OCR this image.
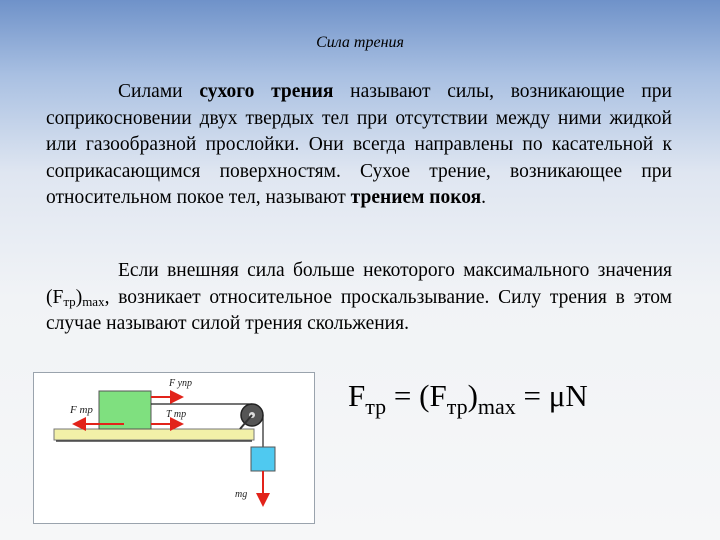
Сила трения

Силами сухого трения называют силы, возникающие при соприкосновении двух твердых тел при отсутствии между ними жидкой или газообразной прослойки. Они всегда направлены по касательной к соприкасающимся поверхностям. Сухое трение, возникающее при относительном покое тел, называют трением покоя.

Если внешняя сила больше некоторого максимального значения $(F_{тр})_{max}$, возникает относительное проскальзывание. Силу трения в этом случае называют силой трения скольжения.

F тр
F упр
T тр
mg
$F_{тр} = (F_{тр})_{max} = \mu N$
